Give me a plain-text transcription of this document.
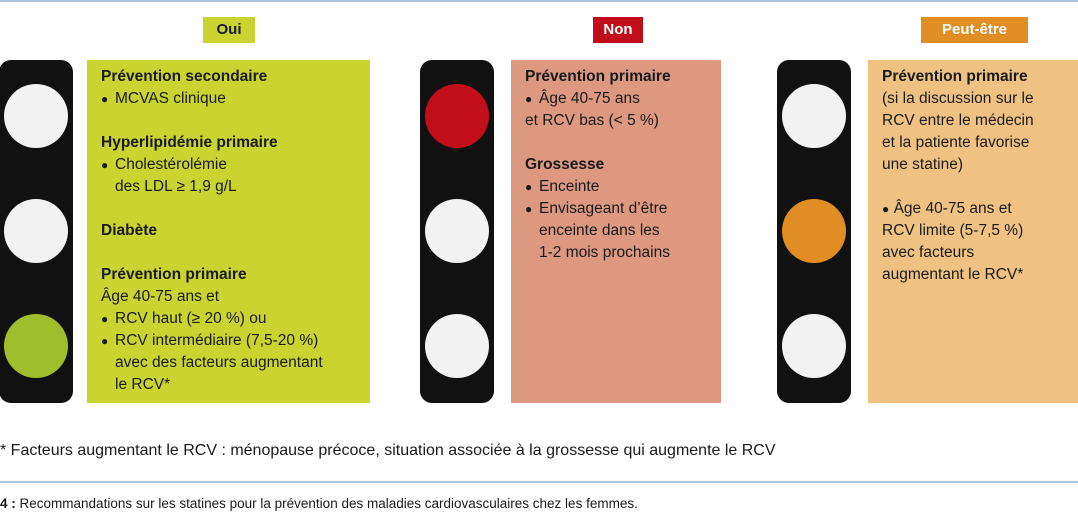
Oui	Non	Peut-être
Prévention secondaire
● MCVAS clinique
Hyperlipidémie primaire
● Cholestérolémie
des LDL ≥ 1,9 g/L
Diabète
Prévention primaire
Âge 40-75 ans et
● RCV haut (≥ 20 %) ou
● RCV intermédiaire (7,5-20 %)
avec des facteurs augmentant
le RCV*
Prévention primaire
● Âge 40-75 ans
et RCV bas (< 5 %)
Grossesse
● Enceinte
● Envisageant d’être
enceinte dans les
1-2 mois prochains
Prévention primaire
(si la discussion sur le
RCV entre le médecin
et la patiente favorise
une statine)
● Âge 40-75 ans et
RCV limite (5-7,5 %)
avec facteurs
augmentant le RCV*
* Facteurs augmentant le RCV : ménopause précoce, situation associée à la grossesse qui augmente le RCV
4 : Recommandations sur les statines pour la prévention des maladies cardiovasculaires chez les femmes.
